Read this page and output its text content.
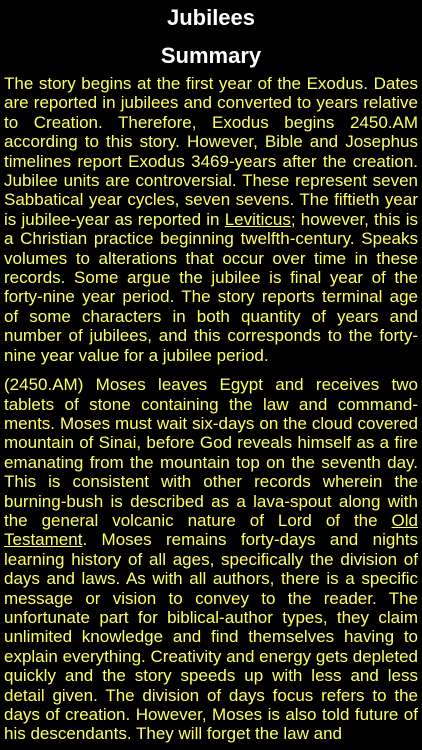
Jubilees
Summary

The story begins at the first year of the Exodus. Dates are reported in jubilees and converted to years relative to Creation. Therefore, Exodus begins 2450.AM according to this story. However, Bible and Josephus timelines report Exodus 3469-years after the creation. Jubilee units are controversial. These represent seven Sabbatical year cycles, seven sevens. The fiftieth year is jubilee-year as reported in Leviticus; however, this is a Christian practice beginning twelfth-century. Speaks volumes to alterations that occur over time in these records. Some argue the jubilee is final year of the forty-nine year period. The story reports terminal age of some characters in both quantity of years and number of jubilees, and this corresponds to the forty-nine year value for a jubilee period.

(2450.AM) Moses leaves Egypt and receives two tablets of stone containing the law and command-ments. Moses must wait six-days on the cloud covered mountain of Sinai, before God reveals himself as a fire emanating from the mountain top on the seventh day. This is consistent with other records wherein the burning-bush is described as a lava-spout along with the general volcanic nature of Lord of the Old Testament. Moses remains forty-days and nights learning history of all ages, specifically the division of days and laws. As with all authors, there is a specific message or vision to convey to the reader. The unfortunate part for biblical-author types, they claim unlimited knowledge and find themselves having to explain everything. Creativity and energy gets depleted quickly and the story speeds up with less and less detail given. The division of days focus refers to the days of creation. However, Moses is also told future of his descendants. They will forget the law and
